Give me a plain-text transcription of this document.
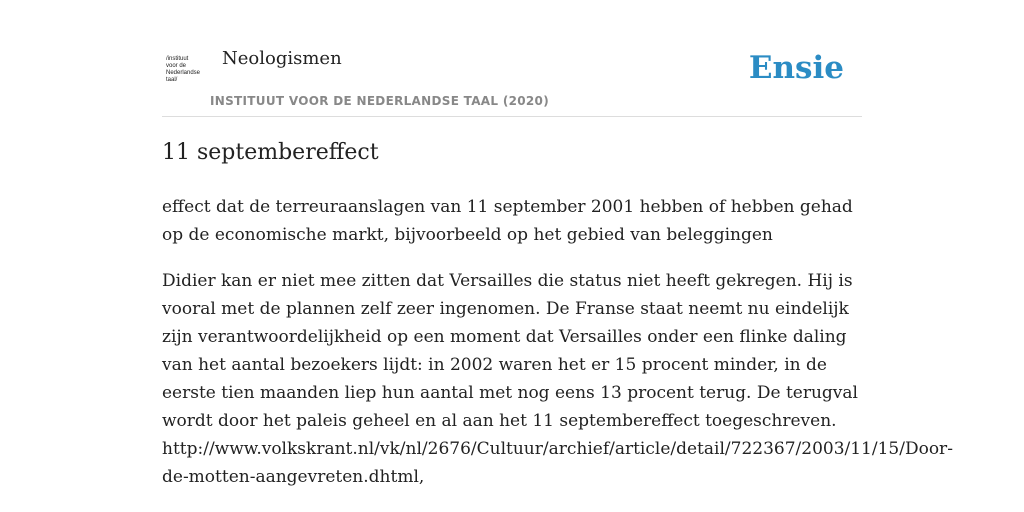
/instituut
voor de
Nederlandse
taal/
Neologismen
INSTITUUT VOOR DE NEDERLANDSE TAAL (2020)
Ensie
11 septembereffect

effect dat de terreuraanslagen van 11 september 2001 hebben of hebben gehad op de economische markt, bijvoorbeeld op het gebied van beleggingen

Didier kan er niet mee zitten dat Versailles die status niet heeft gekregen. Hij is vooral met de plannen zelf zeer ingenomen. De Franse staat neemt nu eindelijk zijn verantwoordelijkheid op een moment dat Versailles onder een flinke daling van het aantal bezoekers lijdt: in 2002 waren het er 15 procent minder, in de eerste tien maanden liep hun aantal met nog eens 13 procent terug. De terugval wordt door het paleis geheel en al aan het 11 septembereffect toegeschreven.
http://www.volkskrant.nl/vk/nl/2676/Cultuur/archief/article/detail/722367/2003/11/15/Door-de-motten-aangevreten.dhtml,
